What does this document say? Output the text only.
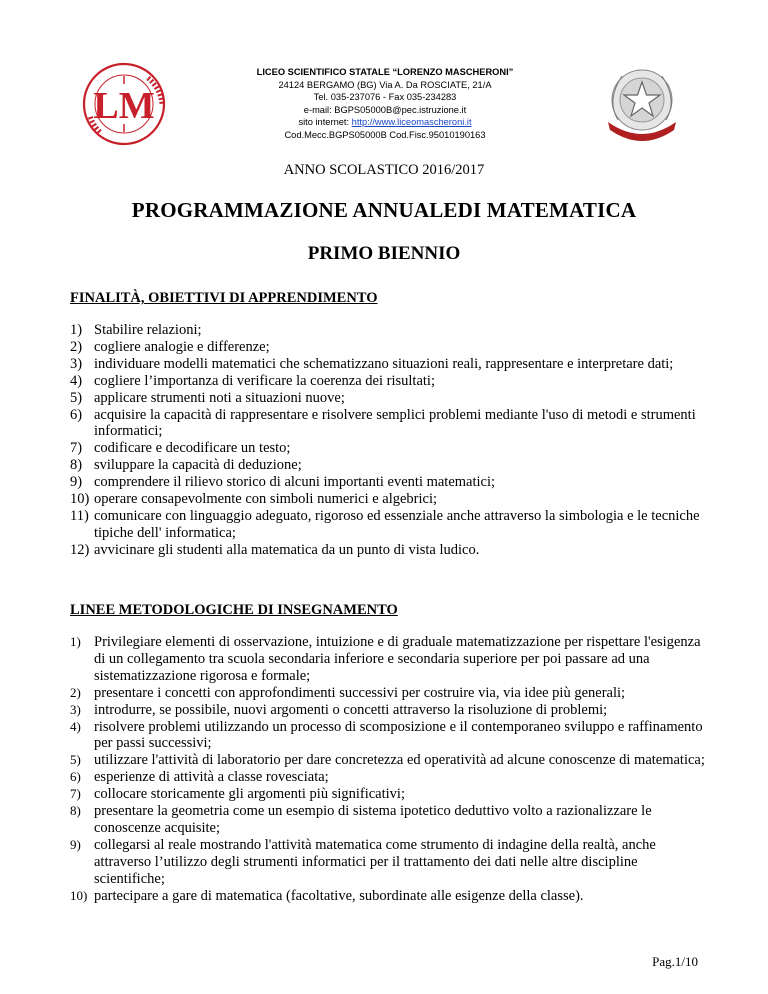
LM
LICEO SCIENTIFICO STATALE “LORENZO MASCHERONI”
24124 BERGAMO (BG) Via A. Da ROSCIATE, 21/A
Tel. 035-237076 - Fax 035-234283
e-mail: BGPS05000B@pec.istruzione.it
sito internet: http://www.liceomascheroni.it
Cod.Mecc.BGPS05000B Cod.Fisc.95010190163
ANNO SCOLASTICO 2016/2017
PROGRAMMAZIONE ANNUALEDI MATEMATICA
PRIMO BIENNIO
FINALITÀ, OBIETTIVI DI APPRENDIMENTO
1) Stabilire relazioni;
2) cogliere analogie e differenze;
3) individuare modelli matematici che schematizzano situazioni reali, rappresentare e interpretare dati;
4) cogliere l’importanza di verificare la coerenza dei risultati;
5) applicare strumenti noti a situazioni nuove;
6) acquisire la capacità di rappresentare e risolvere semplici problemi mediante l'uso di metodi e strumenti informatici;
7) codificare e decodificare un testo;
8) sviluppare la capacità di deduzione;
9) comprendere il rilievo storico di alcuni importanti eventi matematici;
10) operare consapevolmente con simboli numerici e algebrici;
11) comunicare con linguaggio adeguato, rigoroso ed essenziale anche attraverso la simbologia e le tecniche tipiche dell' informatica;
12) avvicinare gli studenti alla matematica da un punto di vista ludico.
LINEE METODOLOGICHE DI INSEGNAMENTO
1) Privilegiare elementi di osservazione, intuizione e di graduale matematizzazione per rispettare l'esigenza di un collegamento tra scuola secondaria inferiore e secondaria superiore per poi passare ad una sistematizzazione rigorosa e formale;
2) presentare i concetti con approfondimenti successivi per costruire via, via idee più generali;
3) introdurre, se possibile, nuovi argomenti o concetti attraverso la risoluzione di problemi;
4) risolvere problemi utilizzando un processo di scomposizione e il contemporaneo sviluppo e raffinamento per passi successivi;
5) utilizzare l'attività di laboratorio per dare concretezza ed operatività ad alcune conoscenze di matematica;
6) esperienze di attività a classe rovesciata;
7) collocare storicamente gli argomenti più significativi;
8) presentare la geometria come un esempio di sistema ipotetico deduttivo volto a razionalizzare le conoscenze acquisite;
9) collegarsi al reale mostrando l'attività matematica come strumento di indagine della realtà, anche attraverso l’utilizzo degli strumenti informatici per il trattamento dei dati nelle altre discipline scientifiche;
10) partecipare a gare di matematica (facoltative, subordinate alle esigenze della classe).
Pag.1/10
